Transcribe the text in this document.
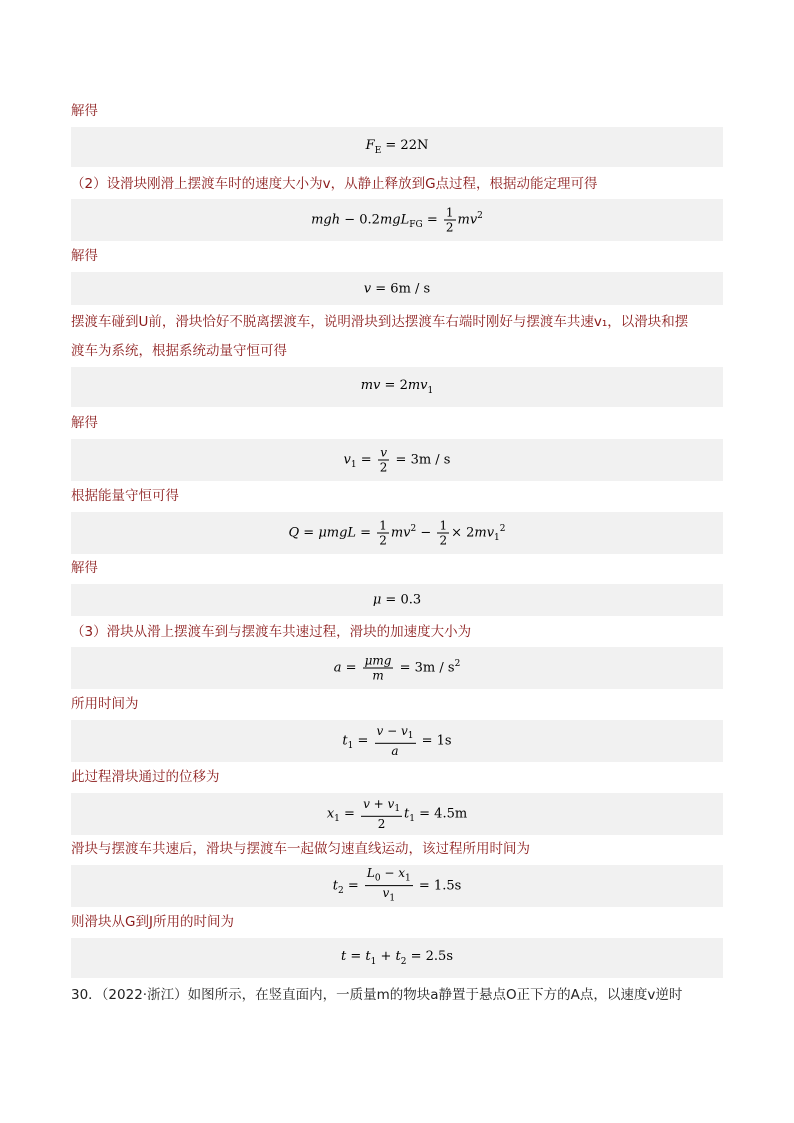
解得
$F_E = 22N$
（2）设滑块刚滑上摆渡车时的速度大小为v，从静止释放到G点过程，根据动能定理可得
mgh − $0.2mgL_{FG} = \frac{1}{2} mv^2$
解得
v = 6m / s
摆渡车碰到U前，滑块恰好不脱离摆渡车，说明滑块到达摆渡车右端时刚好与摆渡车共速v₁，以滑块和摆
渡车为系统，根据系统动量守恒可得
mv = $2mv_1$
解得
$v_1 = \frac{v}{2} = 3m / s$
根据能量守恒可得
$Q = \mu mgL = \frac{1}{2} mv^2 - \frac{1}{2} \times 2mv_1^2$
解得
μ = 0.3
（3）滑块从滑上摆渡车到与摆渡车共速过程，滑块的加速度大小为
$a = \frac{\text{μmg}}{m} = 3m / s^2$
所用时间为
$t_1 = \frac{v - v_1}{a} = 1s$
此过程滑块通过的位移为
$x_1 = \frac{v + v_1}{2} t_1 = 4.5m$
滑块与摆渡车共速后，滑块与摆渡车一起做匀速直线运动，该过程所用时间为
$t_2 = \frac{L_0 - x_1}{v_1} = 1.5s$
则滑块从G到J所用的时间为
$t = t_1 + t_2 = 2.5s$
30．（2022·浙江）如图所示，在竖直面内，一质量m的物块a静置于悬点O正下方的A点，以速度v逆时
